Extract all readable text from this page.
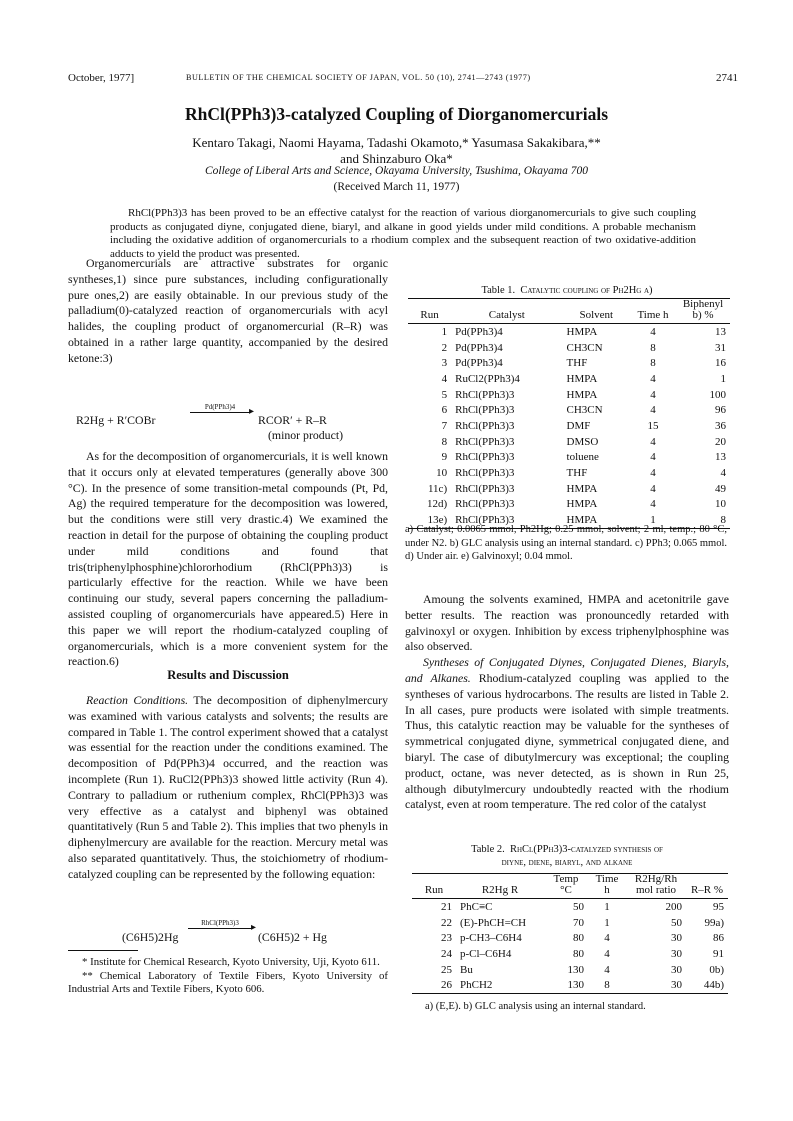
October, 1977]	BULLETIN OF THE CHEMICAL SOCIETY OF JAPAN, VOL. 50 (10), 2741—2743 (1977)	2741
RhCl(PPh3)3-catalyzed Coupling of Diorganomercurials
Kentaro Takagi, Naomi Hayama, Tadashi Okamoto,* Yasumasa Sakakibara,**
and Shinzaburo Oka*
College of Liberal Arts and Science, Okayama University, Tsushima, Okayama 700
(Received March 11, 1977)
RhCl(PPh3)3 has been proved to be an effective catalyst for the reaction of various diorganomercurials to give such coupling products as conjugated diyne, conjugated diene, biaryl, and alkane in good yields under mild conditions. A probable mechanism including the oxidative addition of organomercurials to a rhodium complex and the subsequent reaction of two oxidative-addition adducts to yield the product was presented.

Organomercurials are attractive substrates for organic syntheses,1) since pure substances, including configurationally pure ones,2) are easily obtainable. In our previous study of the palladium(0)-catalyzed reaction of organomercurials with acyl halides, the coupling product of organomercurial (R–R) was obtained in a rather large quantity, accompanied by the desired ketone:3)

R2Hg + R′COBr
Pd(PPh3)4	▸
RCOR′ + R–R
(minor product)

As for the decomposition of organomercurials, it is well known that it occurs only at elevated temperatures (generally above 300 °C). In the presence of some transition-metal compounds (Pt, Pd, Ag) the required temperature for the decomposition was lowered, but the conditions were still very drastic.4) We examined the reaction in detail for the purpose of obtaining the coupling product under mild conditions and found that tris(triphenylphosphine)chlororhodium (RhCl(PPh3)3) is particularly effective for the reaction. While we have been continuing our study, several papers concerning the palladium-assisted coupling of organomercurials have appeared.5) Here in this paper we will report the rhodium-catalyzed coupling of organomercurials, which is a more convenient system for the reaction.6)

Results and Discussion

Reaction Conditions. The decomposition of diphenylmercury was examined with various catalysts and solvents; the results are compared in Table 1. The control experiment showed that a catalyst was essential for the reaction under the conditions examined. The decomposition of Pd(PPh3)4 occurred, and the reaction was incomplete (Run 1). RuCl2(PPh3)3 showed little activity (Run 4). Contrary to palladium or ruthenium complex, RhCl(PPh3)3 was very effective as a catalyst and biphenyl was obtained quantitatively (Run 5 and Table 2). This implies that two phenyls in diphenylmercury are available for the reaction. Mercury metal was also separated quantitatively. Thus, the stoichiometry of rhodium-catalyzed coupling can be represented by the following equation:

(C6H5)2Hg
RhCl(PPh3)3	▸
(C6H5)2 + Hg
* Institute for Chemical Research, Kyoto University, Uji, Kyoto 611.
** Chemical Laboratory of Textile Fibers, Kyoto University of Industrial Arts and Textile Fibers, Kyoto 606.
Table 1. Catalytic coupling of Ph2Hg a)
Run	Catalyst	Solvent	Time h	Biphenyl b) %
1	Pd(PPh3)4	HMPA	4	13
2	Pd(PPh3)4	CH3CN	8	31
3	Pd(PPh3)4	THF	8	16
4	RuCl2(PPh3)4	HMPA	4	1
5	RhCl(PPh3)3	HMPA	4	100
6	RhCl(PPh3)3	CH3CN	4	96
7	RhCl(PPh3)3	DMF	15	36
8	RhCl(PPh3)3	DMSO	4	20
9	RhCl(PPh3)3	toluene	4	13
10	RhCl(PPh3)3	THF	4	4
11c)	RhCl(PPh3)3	HMPA	4	49
12d)	RhCl(PPh3)3	HMPA	4	10
13e)	RhCl(PPh3)3	HMPA	1	8
a) Catalyst; 0.0065 mmol, Ph2Hg; 0.25 mmol, solvent; 2 ml, temp.; 80 °C, under N2. b) GLC analysis using an internal standard. c) PPh3; 0.065 mmol. d) Under air. e) Galvinoxyl; 0.04 mmol.

Amoung the solvents examined, HMPA and acetonitrile gave better results. The reaction was pronouncedly retarded with galvinoxyl or oxygen. Inhibition by excess triphenylphosphine was also observed.

Syntheses of Conjugated Diynes, Conjugated Dienes, Biaryls, and Alkanes. Rhodium-catalyzed coupling was applied to the syntheses of various hydrocarbons. The results are listed in Table 2. In all cases, pure products were isolated with simple treatments. Thus, this catalytic reaction may be valuable for the syntheses of symmetrical conjugated diyne, symmetrical conjugated diene, and biaryl. The case of dibutylmercury was exceptional; the coupling product, octane, was never detected, as is shown in Run 25, although dibutylmercury undoubtedly reacted with the rhodium catalyst, even at room temperature. The red color of the catalyst

Table 2. RhCl(PPh3)3-catalyzed synthesis of
diyne, diene, biaryl, and alkane
Run	R2Hg R	Temp °C	Time h	R2Hg/Rh mol ratio	R–R %
21	PhC≡C	50	1	200	95
22	(E)-PhCH=CH	70	1	50	99a)
23	p-CH3–C6H4	80	4	30	86
24	p-Cl–C6H4	80	4	30	91
25	Bu	130	4	30	0b)
26	PhCH2	130	8	30	44b)
a) (E,E). b) GLC analysis using an internal standard.
